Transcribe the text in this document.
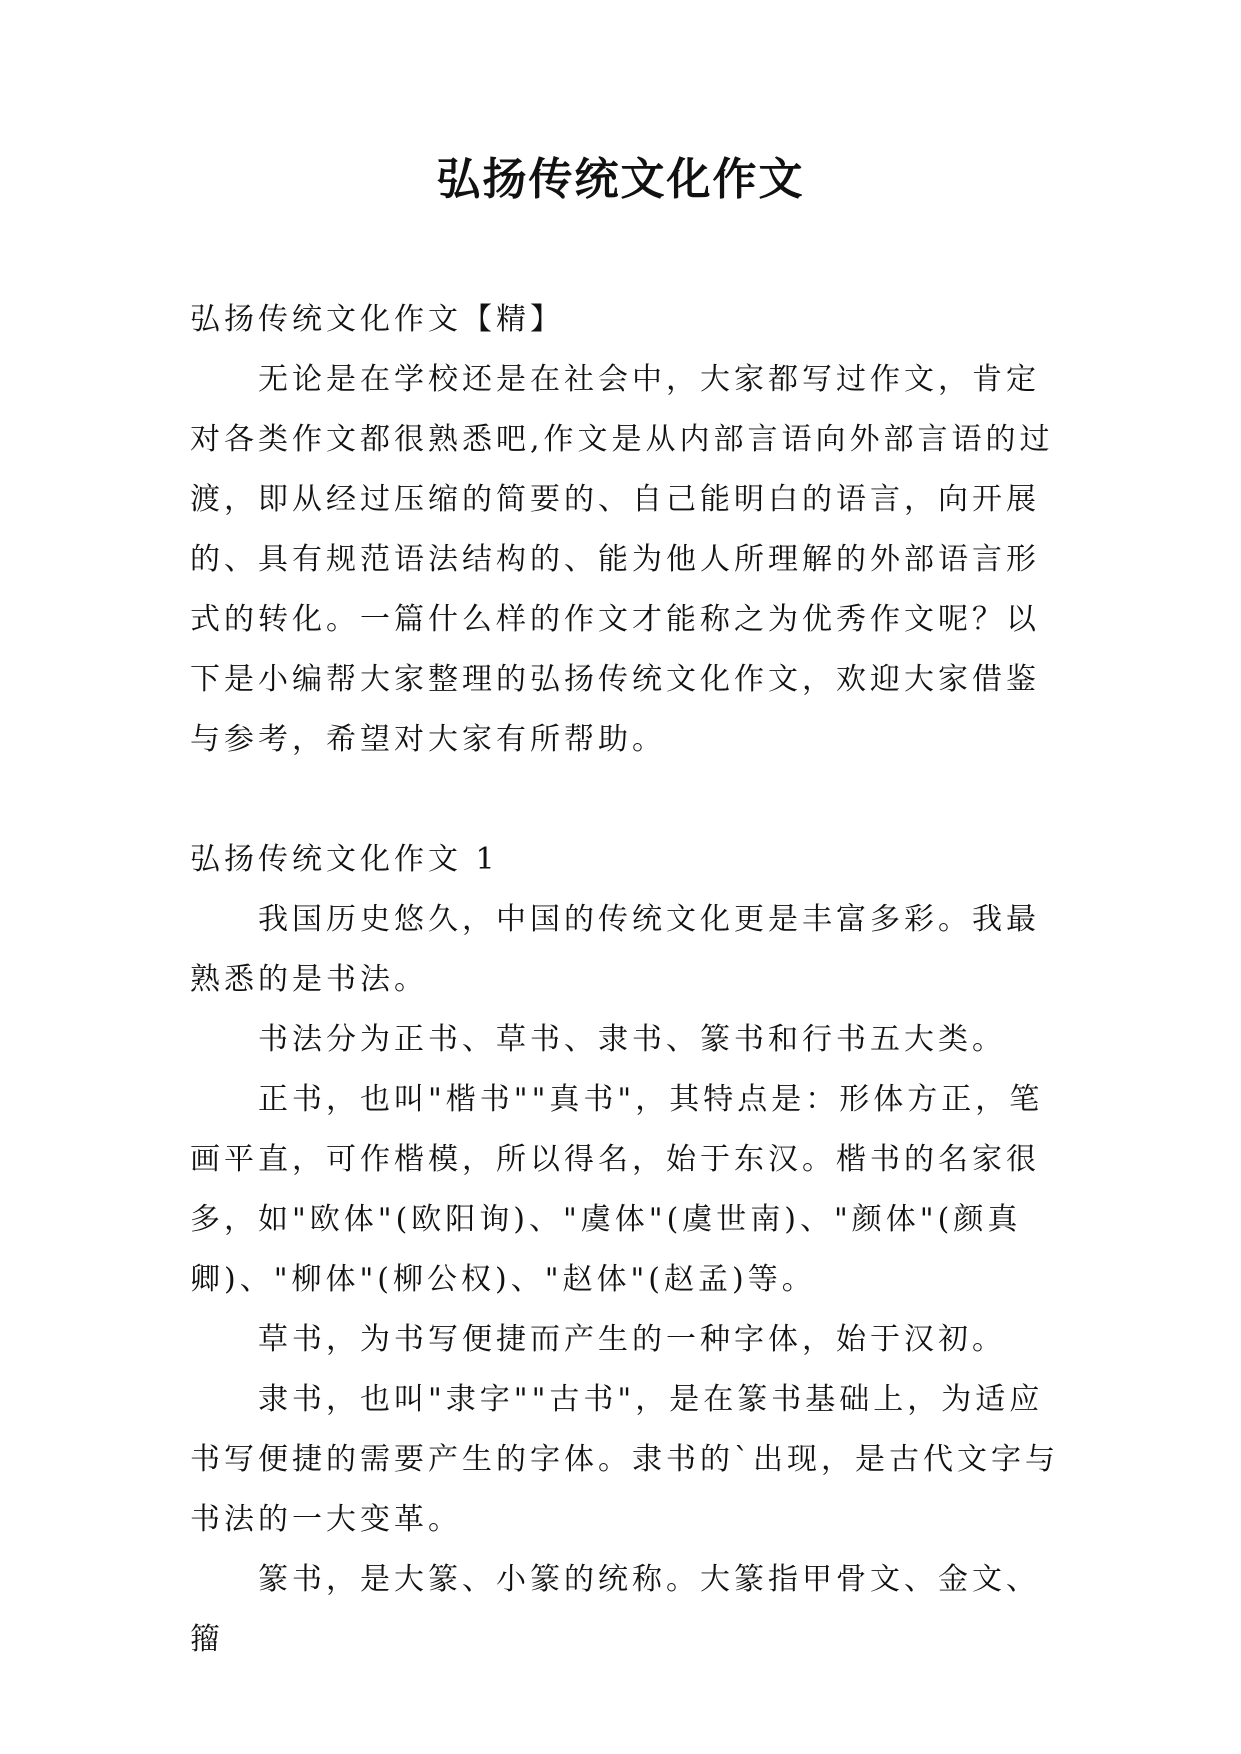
弘扬传统文化作文

弘扬传统文化作文【精】

无论是在学校还是在社会中，大家都写过作文，肯定对各类作文都很熟悉吧,作文是从内部言语向外部言语的过渡，即从经过压缩的简要的、自己能明白的语言，向开展的、具有规范语法结构的、能为他人所理解的外部语言形式的转化。一篇什么样的作文才能称之为优秀作文呢？以下是小编帮大家整理的弘扬传统文化作文，欢迎大家借鉴与参考，希望对大家有所帮助。

弘扬传统文化作文 1

我国历史悠久，中国的传统文化更是丰富多彩。我最熟悉的是书法。

书法分为正书、草书、隶书、篆书和行书五大类。

正书，也叫"楷书""真书"，其特点是：形体方正，笔画平直，可作楷模，所以得名，始于东汉。楷书的名家很多，如"欧体"(欧阳询)、"虞体"(虞世南)、"颜体"(颜真卿)、"柳体"(柳公权)、"赵体"(赵孟)等。

草书，为书写便捷而产生的一种字体，始于汉初。

隶书，也叫"隶字""古书"，是在篆书基础上，为适应书写便捷的需要产生的字体。隶书的`出现，是古代文字与书法的一大变革。

篆书，是大篆、小篆的统称。大篆指甲骨文、金文、籀
